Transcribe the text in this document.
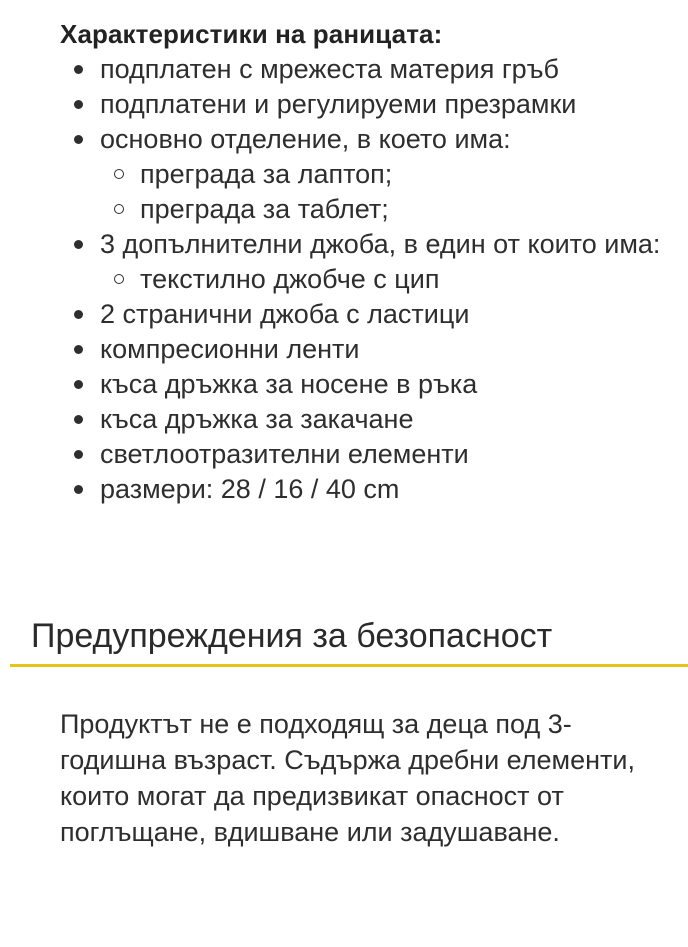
Характеристики на раницата:
подплатен с мрежеста материя гръб
подплатени и регулируеми презрамки
основно отделение, в което има:
преграда за лаптоп;
преграда за таблет;
3 допълнителни джоба, в един от които има:
текстилно джобче с цип
2 странични джоба с ластици
компресионни ленти
къса дръжка за носене в ръка
къса дръжка за закачане
светлоотразителни елементи
размери: 28 / 16 / 40 cm
Предупреждения за безопасност

Продуктът не е подходящ за деца под 3-годишна възраст. Съдържа дребни елементи, които могат да предизвикат опасност от поглъщане, вдишване или задушаване.
